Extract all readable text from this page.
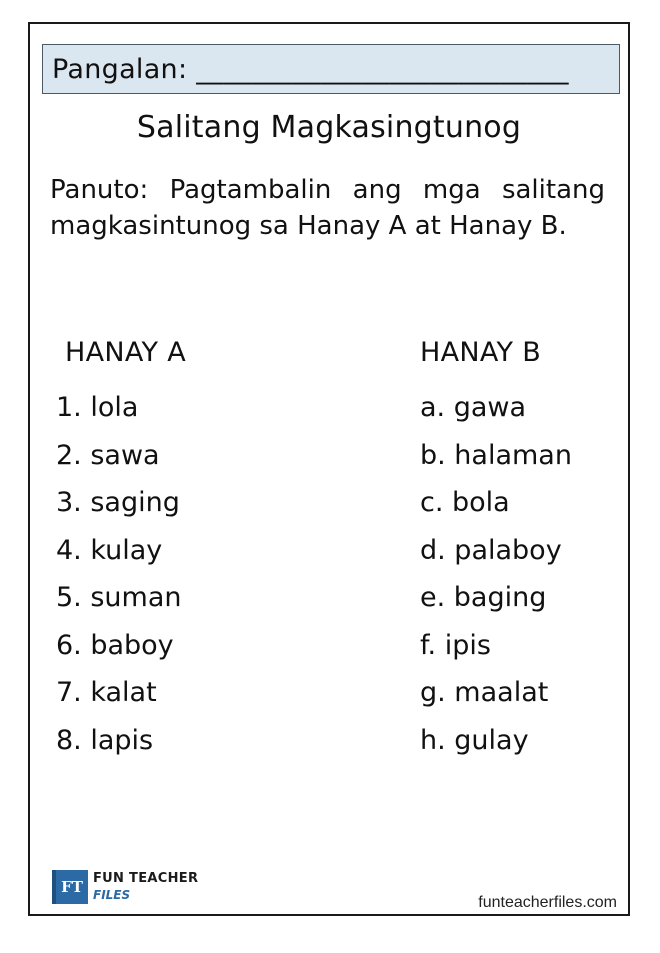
Pangalan: ___________________________
Salitang Magkasingtunog
Panuto: Pagtambalin ang mga salitang magkasintunog sa Hanay A at Hanay B.
HANAY A
1. lola
2. sawa
3. saging
4. kulay
5. suman
6. baboy
7. kalat
8. lapis
HANAY B
a. gawa
b. halaman
c. bola
d. palaboy
e. baging
f. ipis
g. maalat
h. gulay
FT FUN TEACHER
FILES	funteacherfiles.com
